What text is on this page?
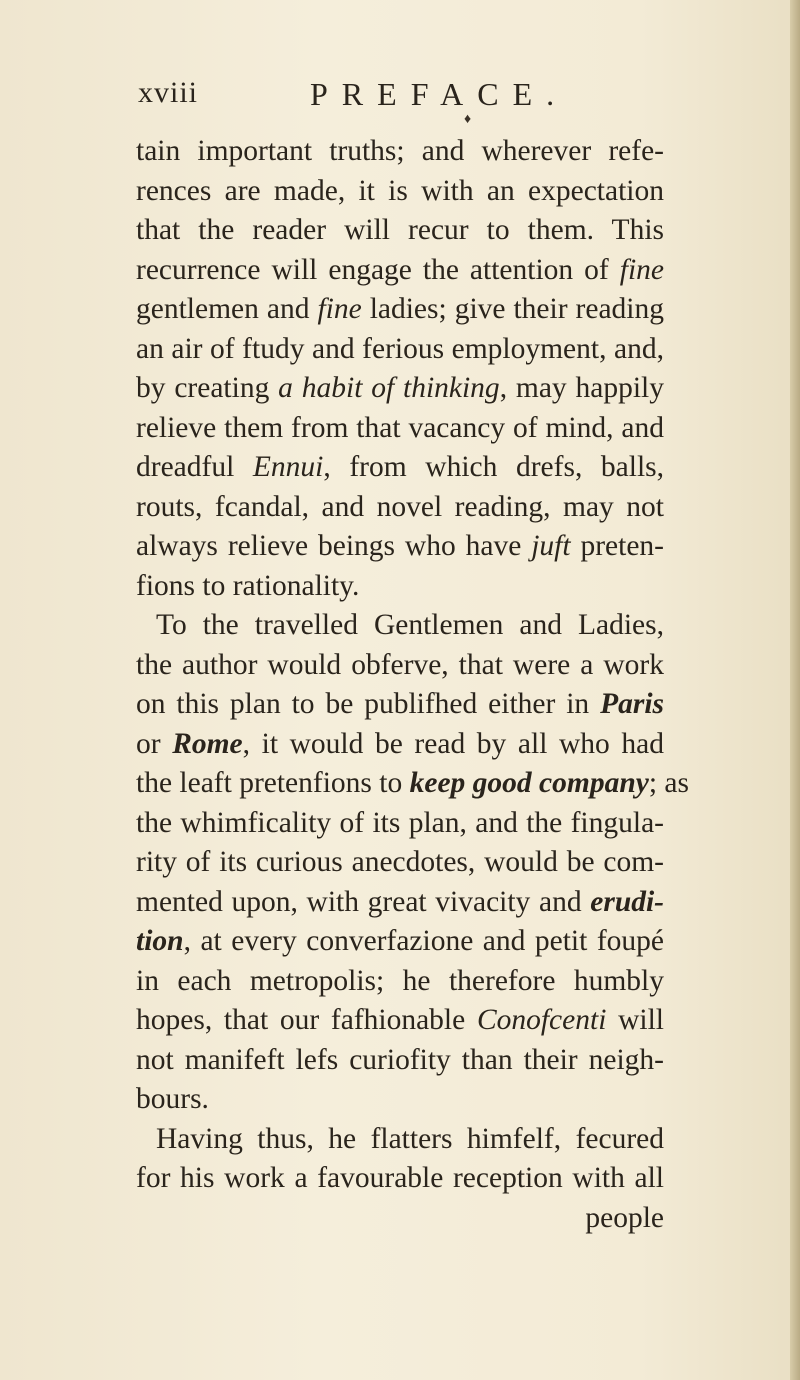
xviii	PREFACE.
♦
tain important truths; and wherever refe-
rences are made, it is with an expectation
that the reader will recur to them. This
recurrence will engage the attention of fine
gentlemen and fine ladies; give their reading
an air of ftudy and ferious employment, and,
by creating a habit of thinking, may happily
relieve them from that vacancy of mind, and
dreadful Ennui, from which drefs, balls,
routs, fcandal, and novel reading, may not
always relieve beings who have juft preten-
fions to rationality.
To the travelled Gentlemen and Ladies,
the author would obferve, that were a work
on this plan to be publifhed either in Paris
or Rome, it would be read by all who had
the leaft pretenfions to keep good company; as
the whimficality of its plan, and the fingula-
rity of its curious anecdotes, would be com-
mented upon, with great vivacity and erudi-
tion, at every converfazione and petit foupé
in each metropolis; he therefore humbly
hopes, that our fafhionable Conofcenti will
not manifeft lefs curiofity than their neigh-
bours.
Having thus, he flatters himfelf, fecured
for his work a favourable reception with all
people
